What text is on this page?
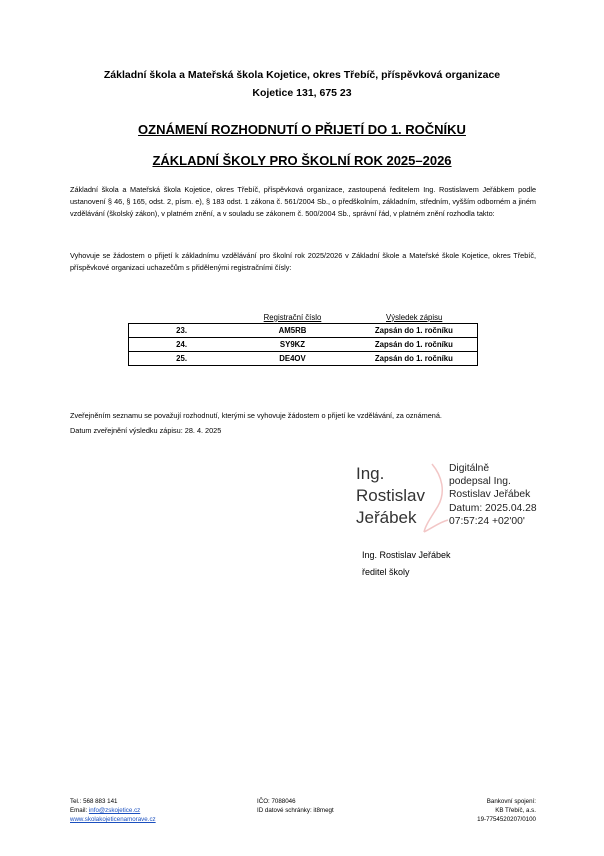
Základní škola a Mateřská škola Kojetice, okres Třebíč, příspěvková organizace
Kojetice 131, 675 23
OZNÁMENÍ ROZHODNUTÍ O PŘIJETÍ DO 1. ROČNÍKU
ZÁKLADNÍ ŠKOLY PRO ŠKOLNÍ ROK 2025–2026
Základní škola a Mateřská škola Kojetice, okres Třebíč, příspěvková organizace, zastoupená ředitelem Ing. Rostislavem Jeřábkem podle ustanovení § 46, § 165, odst. 2, písm. e), § 183 odst. 1 zákona č. 561/2004 Sb., o předškolním, základním, středním, vyšším odborném a jiném vzdělávání (školský zákon), v platném znění, a v souladu se zákonem č. 500/2004 Sb., správní řád, v platném znění rozhodla takto:
Vyhovuje se žádostem o přijetí k základnímu vzdělávání pro školní rok 2025/2026 v Základní škole a Mateřské škole Kojetice, okres Třebíč, příspěvkové organizaci uchazečům s přidělenými registračními čísly:
	Registrační číslo	Výsledek zápisu
23.	AM5RB	Zapsán do 1. ročníku
24.	SY9KZ	Zapsán do 1. ročníku
25.	DE4OV	Zapsán do 1. ročníku
Zveřejněním seznamu se považují rozhodnutí, kterými se vyhovuje žádostem o přijetí ke vzdělávání, za oznámená.
Datum zveřejnění výsledku zápisu: 28. 4. 2025
Ing.
Rostislav
Jeřábek
Digitálně
podepsal Ing.
Rostislav Jeřábek
Datum: 2025.04.28
07:57:24 +02'00'
Ing. Rostislav Jeřábek
ředitel školy
Tel.: 568 883 141
Email: info@zskojetice.cz
www.skolakojeticenamorave.cz
IČO: 7088046
ID datové schránky: it8megt
Bankovní spojení:
KB Třebíč, a.s.
19-7754520207/0100
